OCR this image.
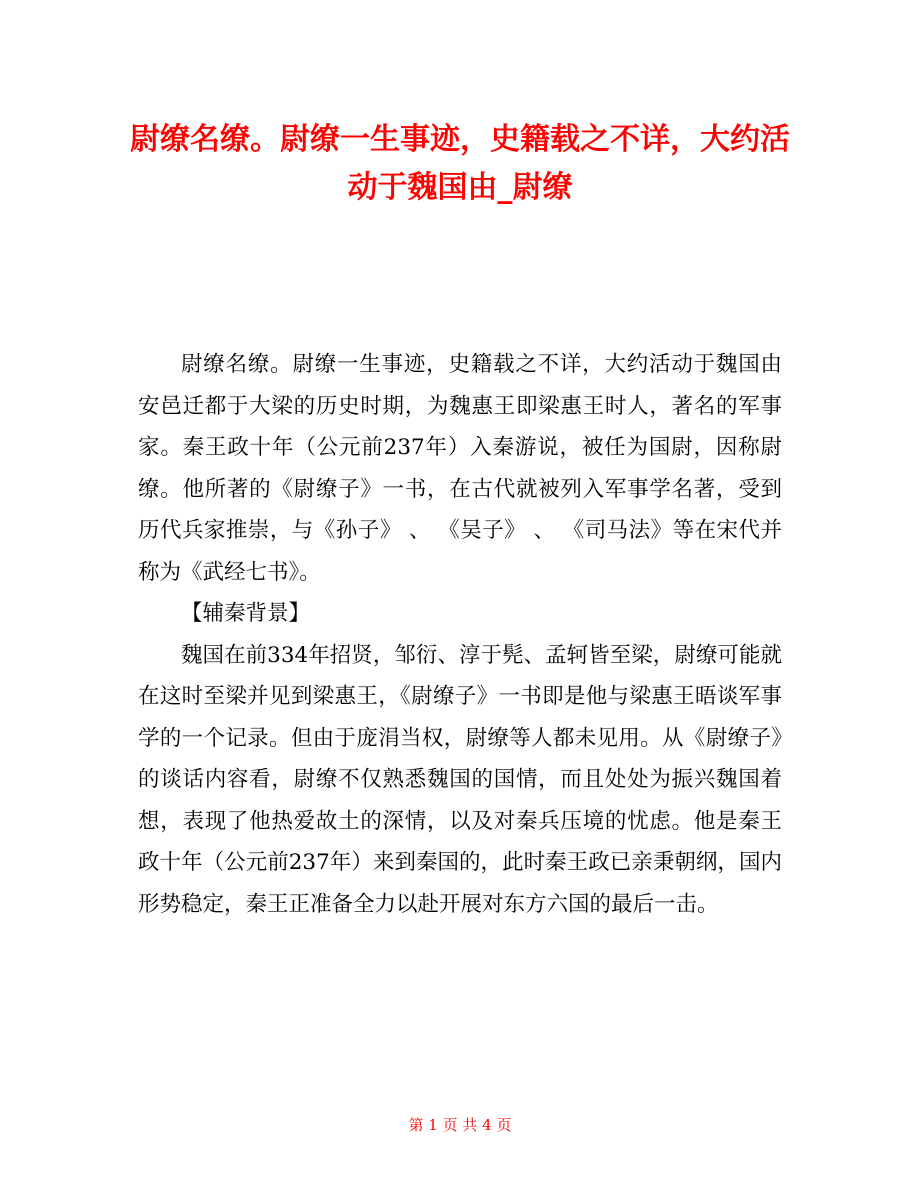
尉缭名缭。尉缭一生事迹，史籍载之不详，大约活动于魏国由_尉缭

尉缭名缭。尉缭一生事迹，史籍载之不详，大约活动于魏国由安邑迁都于大梁的历史时期，为魏惠王即梁惠王时人，著名的军事家。秦王政十年（公元前237年）入秦游说，被任为国尉，因称尉缭。他所著的《尉缭子》一书，在古代就被列入军事学名著，受到历代兵家推崇，与《孙子》 、 《吴子》 、 《司马法》等在宋代并称为《武经七书》。

【辅秦背景】

魏国在前334年招贤，邹衍、淳于髡、孟轲皆至梁，尉缭可能就在这时至梁并见到梁惠王，《尉缭子》一书即是他与梁惠王晤谈军事学的一个记录。但由于庞涓当权，尉缭等人都未见用。从《尉缭子》的谈话内容看，尉缭不仅熟悉魏国的国情，而且处处为振兴魏国着想，表现了他热爱故土的深情，以及对秦兵压境的忧虑。他是秦王政十年（公元前237年）来到秦国的，此时秦王政已亲秉朝纲，国内形势稳定，秦王正准备全力以赴开展对东方六国的最后一击。

第 1 页 共 4 页
